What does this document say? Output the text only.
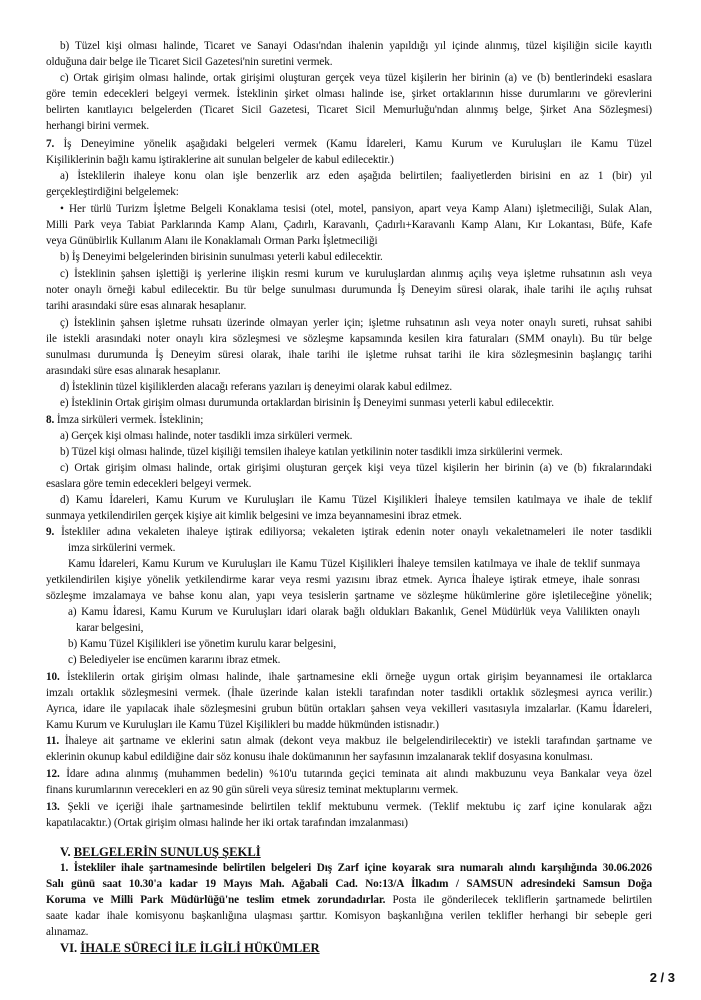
b) Tüzel kişi olması halinde, Ticaret ve Sanayi Odası'ndan ihalenin yapıldığı yıl içinde alınmış, tüzel kişiliğin sicile kayıtlı
olduğuna dair belge ile Ticaret Sicil Gazetesi'nin suretini vermek.
c) Ortak girişim olması halinde, ortak girişimi oluşturan gerçek veya tüzel kişilerin her birinin (a) ve (b) bentlerindeki esaslara
göre temin edecekleri belgeyi vermek. İsteklinin şirket olması halinde ise, şirket ortaklarının hisse durumlarını ve görevlerini
belirten kanıtlayıcı belgelerden (Ticaret Sicil Gazetesi, Ticaret Sicil Memurluğu'ndan alınmış belge, Şirket Ana Sözleşmesi)
herhangi birini vermek.
7. İş Deneyimine yönelik aşağıdaki belgeleri vermek (Kamu İdareleri, Kamu Kurum ve Kuruluşları ile Kamu Tüzel
Kişiliklerinin bağlı kamu iştiraklerine ait sunulan belgeler de kabul edilecektir.)
a) İsteklilerin ihaleye konu olan işle benzerlik arz eden aşağıda belirtilen; faaliyetlerden birisini en az 1 (bir) yıl
gerçekleştirdiğini belgelemek:
• Her türlü Turizm İşletme Belgeli Konaklama tesisi (otel, motel, pansiyon, apart veya Kamp Alanı) işletmeciliği, Sulak Alan,
Milli Park veya Tabiat Parklarında Kamp Alanı, Çadırlı, Karavanlı, Çadırlı+Karavanlı Kamp Alanı, Kır Lokantası, Büfe, Kafe
veya Günübirlik Kullanım Alanı ile Konaklamalı Orman Parkı İşletmeciliği
b) İş Deneyimi belgelerinden birisinin sunulması yeterli kabul edilecektir.
c) İsteklinin şahsen işlettiği iş yerlerine ilişkin resmi kurum ve kuruluşlardan alınmış açılış veya işletme ruhsatının aslı veya
noter onaylı örneği kabul edilecektir. Bu tür belge sunulması durumunda İş Deneyim süresi olarak, ihale tarihi ile açılış ruhsat
tarihi arasındaki süre esas alınarak hesaplanır.
ç) İsteklinin şahsen işletme ruhsatı üzerinde olmayan yerler için; işletme ruhsatının aslı veya noter onaylı sureti, ruhsat sahibi
ile istekli arasındaki noter onaylı kira sözleşmesi ve sözleşme kapsamında kesilen kira faturaları (SMM onaylı). Bu tür belge
sunulması durumunda İş Deneyim süresi olarak, ihale tarihi ile işletme ruhsat tarihi ile kira sözleşmesinin başlangıç tarihi
arasındaki süre esas alınarak hesaplanır.
d) İsteklinin tüzel kişiliklerden alacağı referans yazıları iş deneyimi olarak kabul edilmez.
e) İsteklinin Ortak girişim olması durumunda ortaklardan birisinin İş Deneyimi sunması yeterli kabul edilecektir.
8. İmza sirküleri vermek. İsteklinin;
a) Gerçek kişi olması halinde, noter tasdikli imza sirküleri vermek.
b) Tüzel kişi olması halinde, tüzel kişiliği temsilen ihaleye katılan yetkilinin noter tasdikli imza sirkülerini vermek.
c) Ortak girişim olması halinde, ortak girişimi oluşturan gerçek kişi veya tüzel kişilerin her birinin (a) ve (b) fıkralarındaki
esaslara göre temin edecekleri belgeyi vermek.
d) Kamu İdareleri, Kamu Kurum ve Kuruluşları ile Kamu Tüzel Kişilikleri İhaleye temsilen katılmaya ve ihale de teklif
sunmaya yetkilendirilen gerçek kişiye ait kimlik belgesini ve imza beyannamesini ibraz etmek.
9. İstekliler adına vekaleten ihaleye iştirak ediliyorsa; vekaleten iştirak edenin noter onaylı vekaletnameleri ile noter tasdikli
imza sirkülerini vermek.
Kamu İdareleri, Kamu Kurum ve Kuruluşları ile Kamu Tüzel Kişilikleri İhaleye temsilen katılmaya ve ihale de teklif sunmaya
yetkilendirilen kişiye yönelik yetkilendirme karar veya resmi yazısını ibraz etmek. Ayrıca İhaleye iştirak etmeye, ihale sonrası
sözleşme imzalamaya ve bahse konu alan, yapı veya tesislerin şartname ve sözleşme hükümlerine göre işletileceğine yönelik;
a) Kamu İdaresi, Kamu Kurum ve Kuruluşları idari olarak bağlı oldukları Bakanlık, Genel Müdürlük veya Valilikten onaylı
karar belgesini,
b) Kamu Tüzel Kişilikleri ise yönetim kurulu karar belgesini,
c) Belediyeler ise encümen kararını ibraz etmek.
10. İsteklilerin ortak girişim olması halinde, ihale şartnamesine ekli örneğe uygun ortak girişim beyannamesi ile ortaklarca
imzalı ortaklık sözleşmesini vermek. (İhale üzerinde kalan istekli tarafından noter tasdikli ortaklık sözleşmesi ayrıca verilir.)
Ayrıca, idare ile yapılacak ihale sözleşmesini grubun bütün ortakları şahsen veya vekilleri vasıtasıyla imzalarlar. (Kamu İdareleri,
Kamu Kurum ve Kuruluşları ile Kamu Tüzel Kişilikleri bu madde hükmünden istisnadır.)
11. İhaleye ait şartname ve eklerini satın almak (dekont veya makbuz ile belgelendirilecektir) ve istekli tarafından şartname ve
eklerinin okunup kabul edildiğine dair söz konusu ihale dokümanının her sayfasının imzalanarak teklif dosyasına konulması.
12. İdare adına alınmış (muhammen bedelin) %10'u tutarında geçici teminata ait alındı makbuzunu veya Bankalar veya özel
finans kurumlarının verecekleri en az 90 gün süreli veya süresiz teminat mektuplarını vermek.
13. Şekli ve içeriği ihale şartnamesinde belirtilen teklif mektubunu vermek. (Teklif mektubu iç zarf içine konularak ağzı
kapatılacaktır.) (Ortak girişim olması halinde her iki ortak tarafından imzalanması)
V. BELGELERİN SUNULUŞ ŞEKLİ
1. İstekliler ihale şartnamesinde belirtilen belgeleri Dış Zarf içine koyarak sıra numaralı alındı karşılığında 30.06.2026
Salı günü saat 10.30'a kadar 19 Mayıs Mah. Ağabali Cad. No:13/A İlkadım / SAMSUN adresindeki Samsun Doğa
Koruma ve Milli Park Müdürlüğü'ne teslim etmek zorundadırlar. Posta ile gönderilecek tekliflerin şartnamede belirtilen
saate kadar ihale komisyonu başkanlığına ulaşması şarttır. Komisyon başkanlığına verilen teklifler herhangi bir sebeple geri
alınamaz.
VI. İHALE SÜRECİ İLE İLGİLİ HÜKÜMLER
2 / 3
